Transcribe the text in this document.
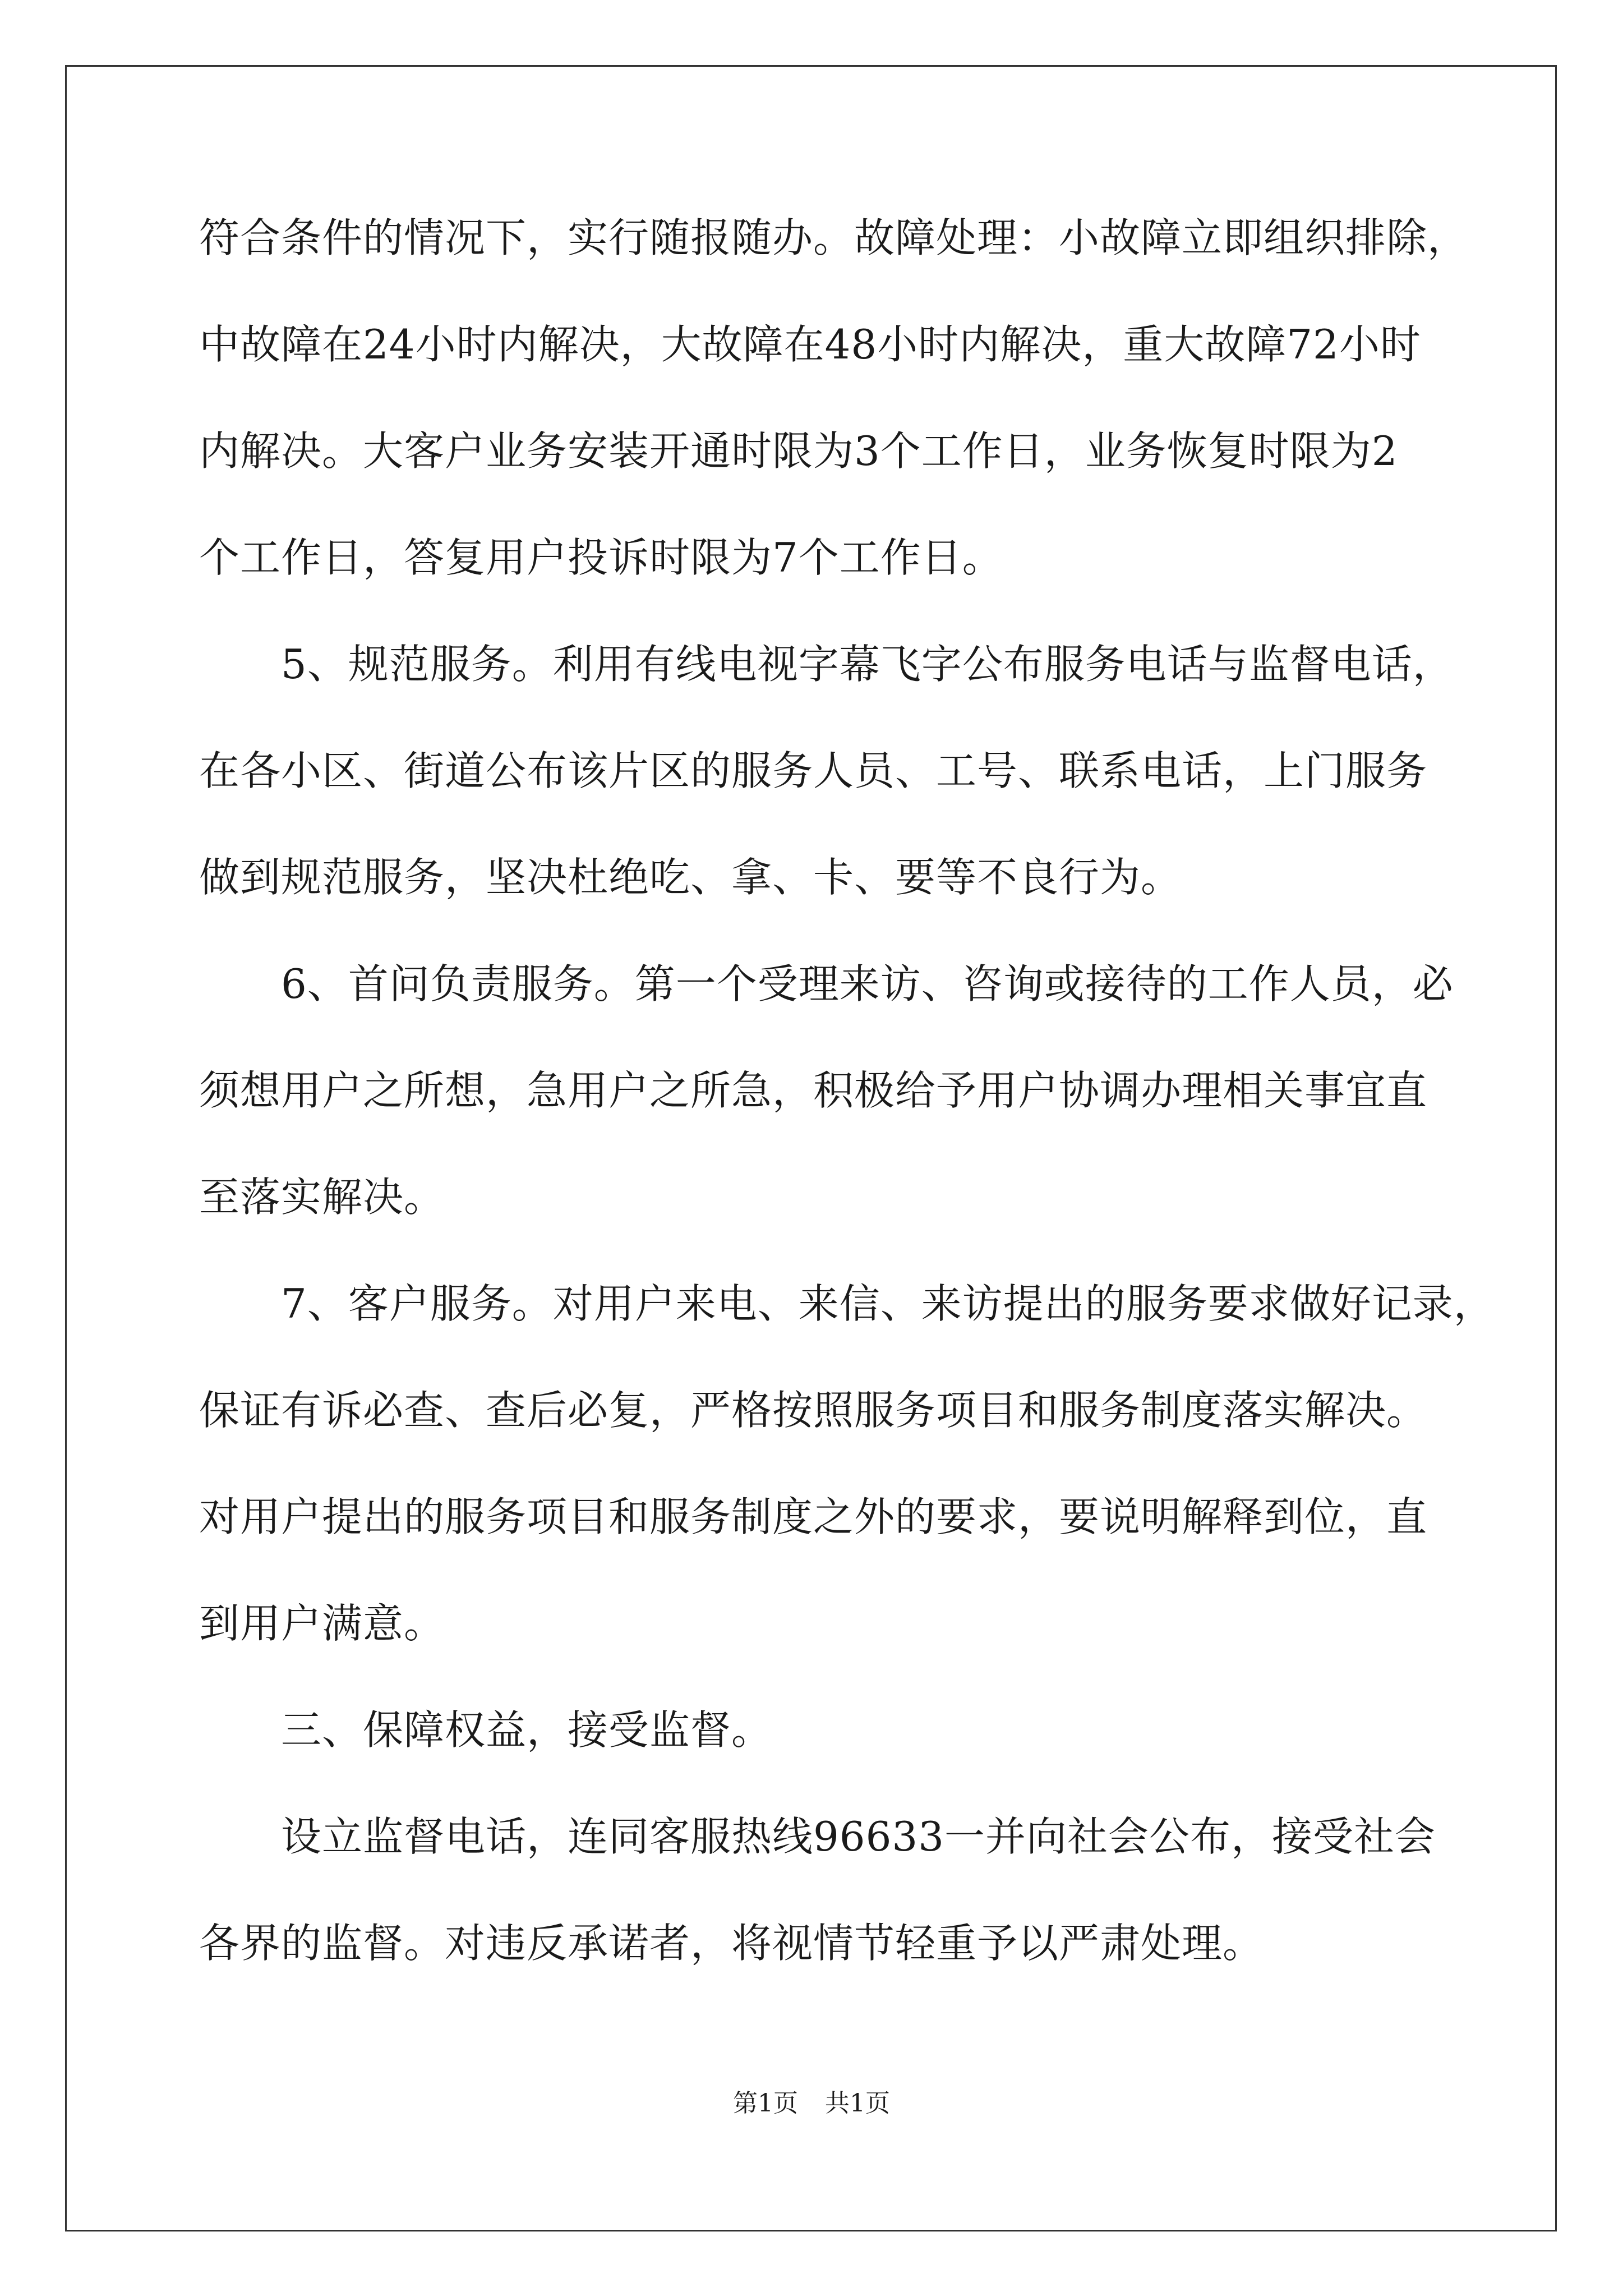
符合条件的情况下，实行随报随办。故障处理：小故障立即组织排除，
中故障在24小时内解决，大故障在48小时内解决，重大故障72小时
内解决。大客户业务安装开通时限为3个工作日，业务恢复时限为2
个工作日，答复用户投诉时限为7个工作日。
5、规范服务。利用有线电视字幕飞字公布服务电话与监督电话，
在各小区、街道公布该片区的服务人员、工号、联系电话，上门服务
做到规范服务，坚决杜绝吃、拿、卡、要等不良行为。
6、首问负责服务。第一个受理来访、咨询或接待的工作人员，必
须想用户之所想，急用户之所急，积极给予用户协调办理相关事宜直
至落实解决。
7、客户服务。对用户来电、来信、来访提出的服务要求做好记录，
保证有诉必查、查后必复，严格按照服务项目和服务制度落实解决。
对用户提出的服务项目和服务制度之外的要求，要说明解释到位，直
到用户满意。
三、保障权益，接受监督。
设立监督电话，连同客服热线96633一并向社会公布，接受社会
各界的监督。对违反承诺者，将视情节轻重予以严肃处理。
第1页 共1页
